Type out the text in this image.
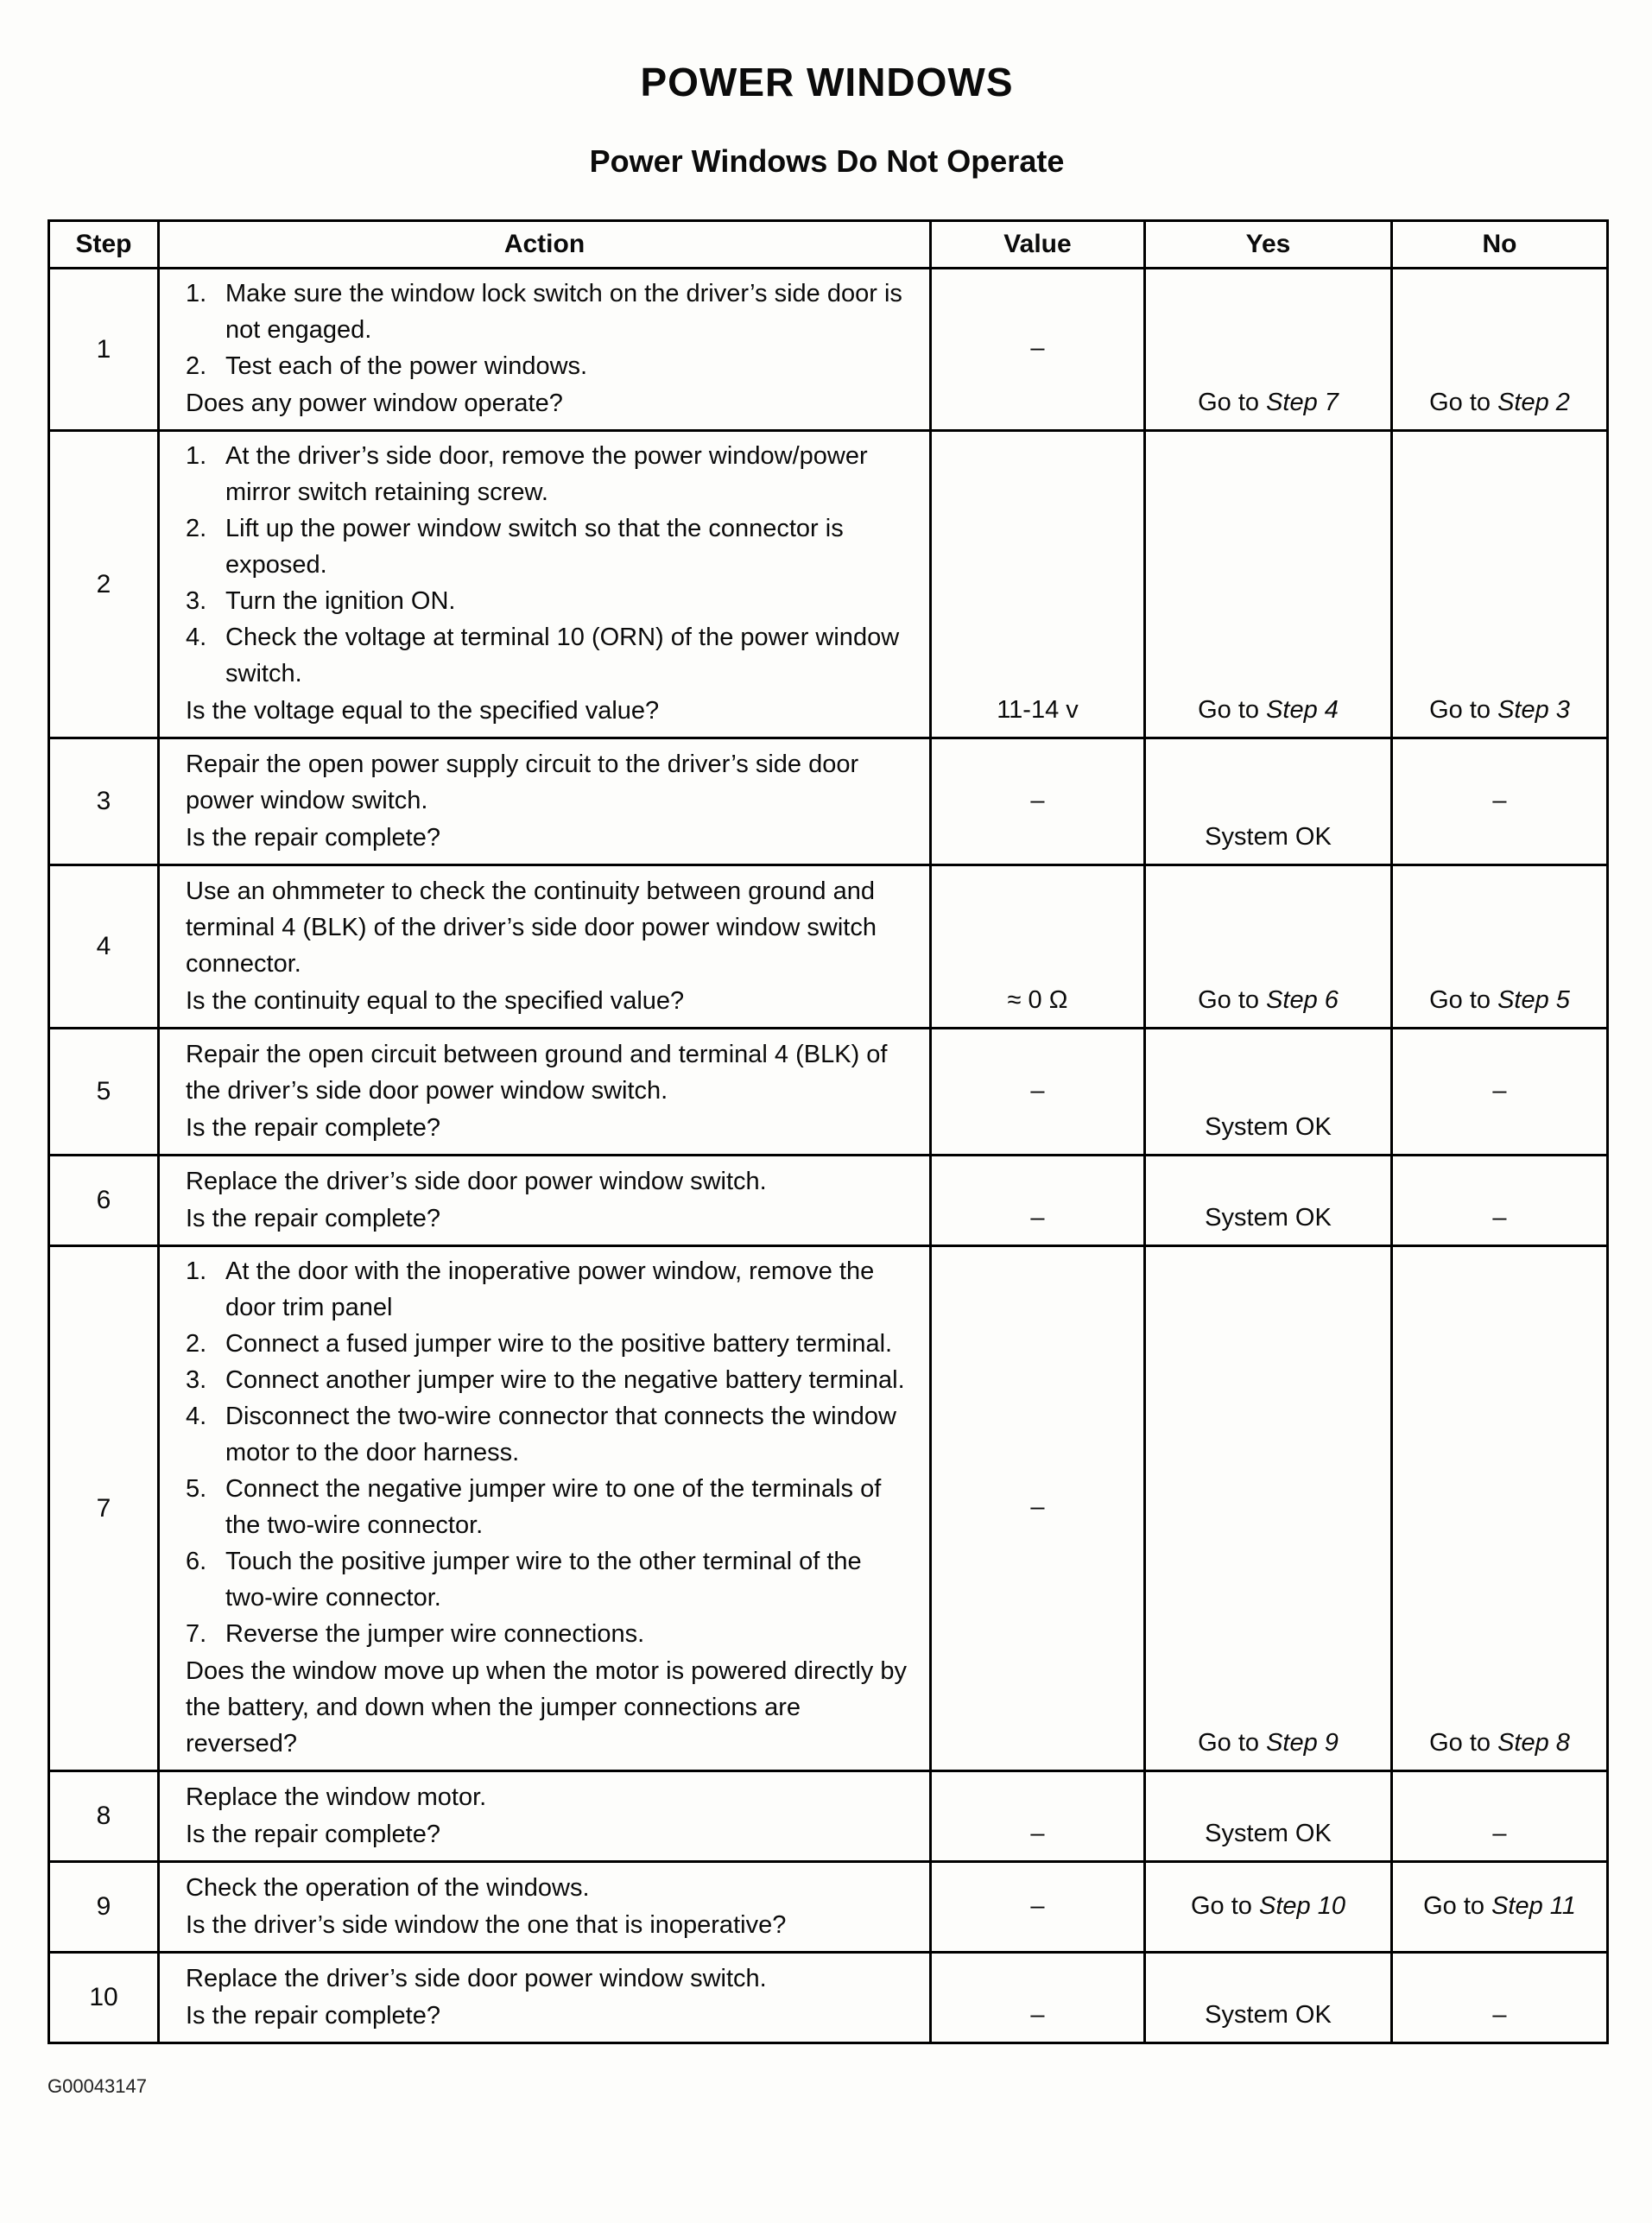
POWER WINDOWS
Power Windows Do Not Operate
Step	Action	Value	Yes	No
1	1. Make sure the window lock switch on the driver’s side door is not engaged.
2. Test each of the power windows.
Does any power window operate?	–	Go to Step 7	Go to Step 2
2	
1. At the driver’s side door, remove the power window/power mirror switch retaining screw.
2. Lift up the power window switch so that the connector is exposed.
3. Turn the ignition ON.
4. Check the voltage at terminal 10 (ORN) of the power window switch.
Is the voltage equal to the specified value?	11-14 v	Go to Step 4	Go to Step 3
3	Repair the open power supply circuit to the driver’s side door power window switch.
Is the repair complete?	–	System OK	–
4	Use an ohmmeter to check the continuity between ground and terminal 4 (BLK) of the driver’s side door power window switch connector.
Is the continuity equal to the specified value?	≈ 0 Ω	Go to Step 6	Go to Step 5
5	Repair the open circuit between ground and terminal 4 (BLK) of the driver’s side door power window switch.
Is the repair complete?	–	System OK	–
6	Replace the driver’s side door power window switch.
Is the repair complete?	–	System OK	–
7	
1. At the door with the inoperative power window, remove the door trim panel
2. Connect a fused jumper wire to the positive battery terminal.
3. Connect another jumper wire to the negative battery terminal.
4. Disconnect the two-wire connector that connects the window motor to the door harness.
5. Connect the negative jumper wire to one of the terminals of the two-wire connector.
6. Touch the positive jumper wire to the other terminal of the two-wire connector.
7. Reverse the jumper wire connections.
Does the window move up when the motor is powered directly by the battery, and down when the jumper connections are reversed?
	–	Go to Step 9	Go to Step 8
8	Replace the window motor.
Is the repair complete?	–	System OK	–
9	Check the operation of the windows.
Is the driver’s side window the one that is inoperative?	–	Go to Step 10	Go to Step 11
10	Replace the driver’s side door power window switch.
Is the repair complete?	–	System OK	–
G00043147
